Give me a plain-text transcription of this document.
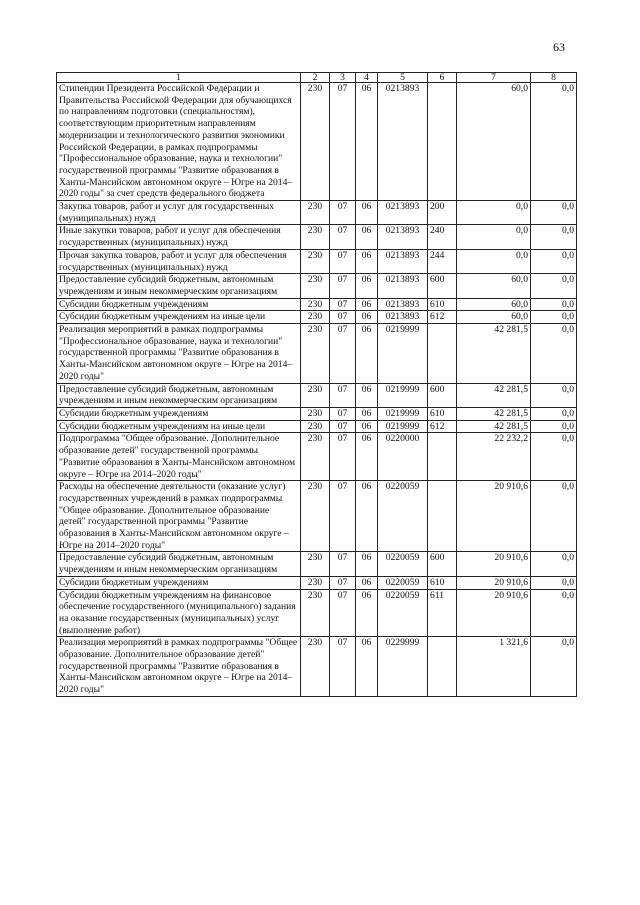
63
1	2	3	4	5	6	7	8
Стипендии Президента Российской Федерации и Правительства Российской Федерации для обучающихся по направлениям подготовки (специальностям), соответствующим приоритетным направлениям модернизации и технологического развития экономики Российской Федерации, в рамках подпрограммы "Профессиональное образование, наука и технологии" государственной программы "Развитие образования в Ханты-Мансийском автономном округе – Югре на 2014–2020 годы" за счет средств федерального бюджета	230	07	06	0213893		60,0	0,0
Закупка товаров, работ и услуг для государственных (муниципальных) нужд	230	07	06	0213893	200	0,0	0,0
Иные закупки товаров, работ и услуг для обеспечения государственных (муниципальных) нужд	230	07	06	0213893	240	0,0	0,0
Прочая закупка товаров, работ и услуг для обеспечения государственных (муниципальных) нужд	230	07	06	0213893	244	0,0	0,0
Предоставление субсидий бюджетным, автономным учреждениям и иным некоммерческим организациям	230	07	06	0213893	600	60,0	0,0
Субсидии бюджетным учреждениям	230	07	06	0213893	610	60,0	0,0
Субсидии бюджетным учреждениям на иные цели	230	07	06	0213893	612	60,0	0,0
Реализация мероприятий в рамках подпрограммы "Профессиональное образование, наука и технологии" государственной программы "Развитие образования в Ханты-Мансийском автономном округе – Югре на 2014–2020 годы"	230	07	06	0219999		42 281,5	0,0
Предоставление субсидий бюджетным, автономным учреждениям и иным некоммерческим организациям	230	07	06	0219999	600	42 281,5	0,0
Субсидии бюджетным учреждениям	230	07	06	0219999	610	42 281,5	0,0
Субсидии бюджетным учреждениям на иные цели	230	07	06	0219999	612	42 281,5	0,0
Подпрограмма "Общее образование. Дополнительное образование детей" государственной программы "Развитие образования в Ханты-Мансийском автономном округе – Югре на 2014–2020 годы"	230	07	06	0220000		22 232,2	0,0
Расходы на обеспечение деятельности (оказание услуг) государственных учреждений в рамках подпрограммы "Общее образование. Дополнительное образование детей" государственной программы "Развитие образования в Ханты-Мансийском автономном округе – Югре на 2014–2020 годы"	230	07	06	0220059		20 910,6	0,0
Предоставление субсидий бюджетным, автономным учреждениям и иным некоммерческим организациям	230	07	06	0220059	600	20 910,6	0,0
Субсидии бюджетным учреждениям	230	07	06	0220059	610	20 910,6	0,0
Субсидии бюджетным учреждениям на финансовое обеспечение государственного (муниципального) задания на оказание государственных (муниципальных) услуг (выполнение работ)	230	07	06	0220059	611	20 910,6	0,0
Реализация мероприятий в рамках подпрограммы "Общее образование. Дополнительное образование детей" государственной программы "Развитие образования в Ханты-Мансийском автономном округе – Югре на 2014–2020 годы"	230	07	06	0229999		1 321,6	0,0
